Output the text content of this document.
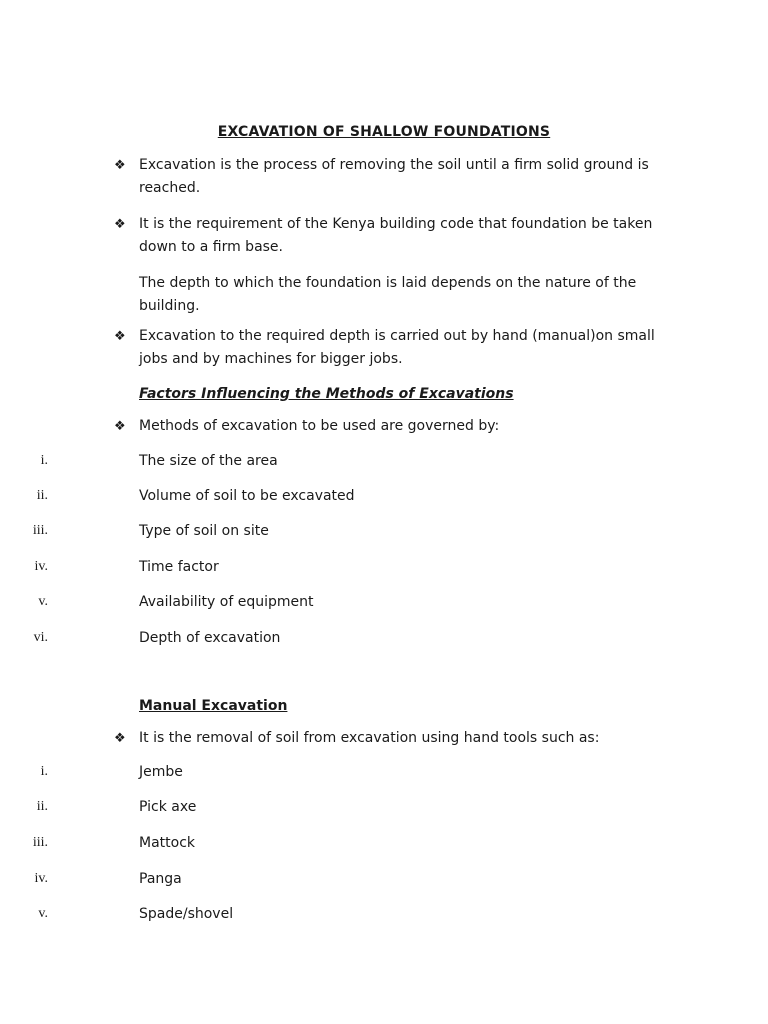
EXCAVATION OF SHALLOW FOUNDATIONS
❖ Excavation is the process of removing the soil until a firm solid ground is reached.
❖ It is the requirement of the Kenya building code that foundation be taken down to a firm base.
The depth to which the foundation is laid depends on the nature of the building.
❖ Excavation to the required depth is carried out by hand (manual)on small jobs and by machines for bigger jobs.
Factors Influencing the Methods of Excavations
❖ Methods of excavation to be used are governed by:
i.	The size of the area
ii.	Volume of soil to be excavated
iii.	Type of soil on site
iv.	Time factor
v.	Availability of equipment
vi.	Depth of excavation
Manual Excavation
❖ It is the removal of soil from excavation using hand tools such as:
i.	Jembe
ii.	Pick axe
iii.	Mattock
iv.	Panga
v.	Spade/shovel
